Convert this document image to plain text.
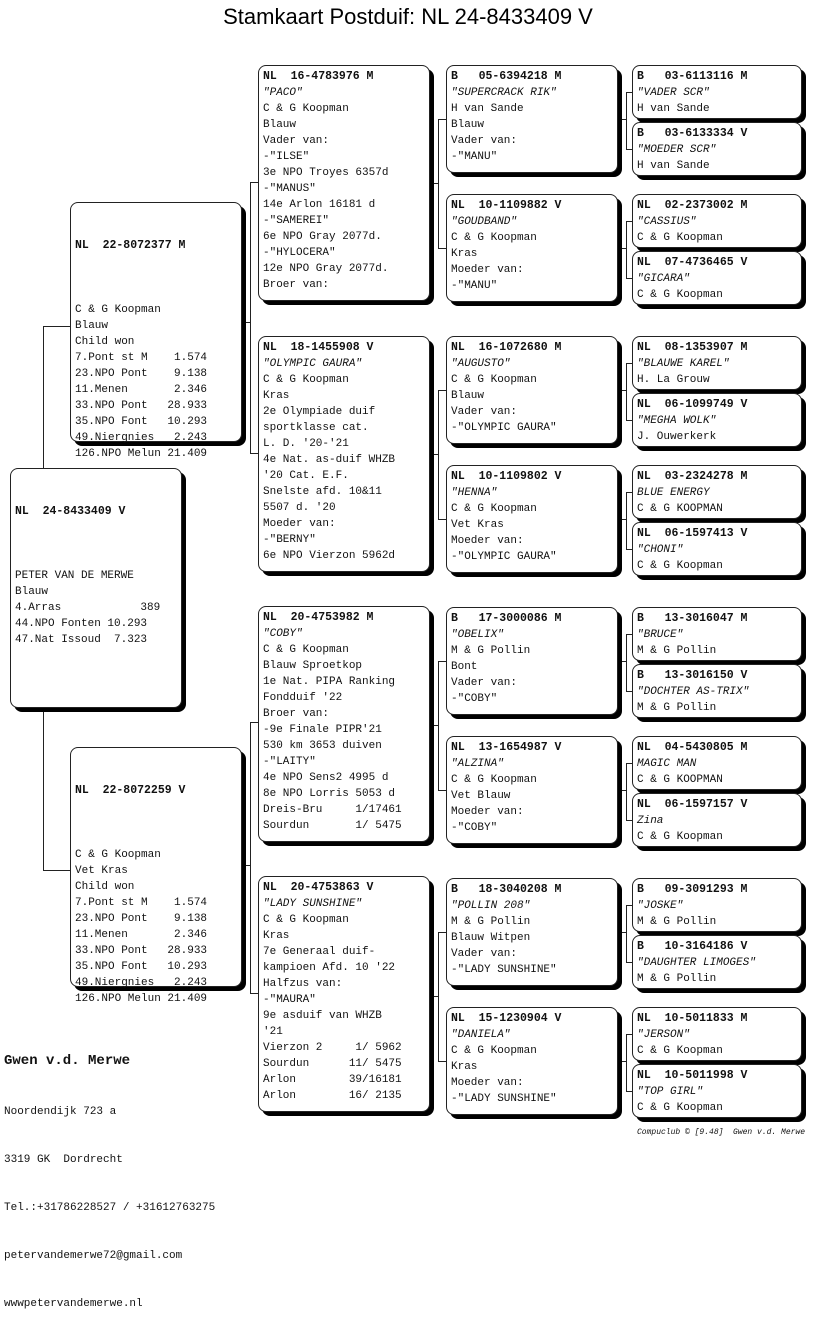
Stamkaart Postduif: NL 24-8433409 V

NL  24-8433409 V

PETER VAN DE MERWE
Blauw
4.Arras            389
44.NPO Fonten 10.293
47.Nat Issoud  7.323

NL  22-8072377 M

C & G Koopman
Blauw
Child won
7.Pont st M    1.574
23.NPO Pont    9.138
11.Menen       2.346
33.NPO Pont   28.933
35.NPO Font   10.293
49.Niergnies   2.243
126.NPO Melun 21.409

NL  22-8072259 V

C & G Koopman
Vet Kras
Child won
7.Pont st M    1.574
23.NPO Pont    9.138
11.Menen       2.346
33.NPO Pont   28.933
35.NPO Font   10.293
49.Niergnies   2.243
126.NPO Melun 21.409

NL  16-4783976 M
"PACO"
C & G Koopman
Blauw
Vader van:
-"ILSE"
3e NPO Troyes 6357d
-"MANUS"
14e Arlon 16181 d
-"SAMEREI"
6e NPO Gray 2077d.
-"HYLOCERA"
12e NPO Gray 2077d.
Broer van:
NL  18-1455908 V
"OLYMPIC GAURA"
C & G Koopman
Kras
2e Olympiade duif
sportklasse cat.
L. D. '20-'21
4e Nat. as-duif WHZB
'20 Cat. E.F.
Snelste afd. 10&11
5507 d. '20
Moeder van:
-"BERNY"
6e NPO Vierzon 5962d
NL  20-4753982 M
"COBY"
C & G Koopman
Blauw Sproetkop
1e Nat. PIPA Ranking
Fondduif '22
Broer van:
-9e Finale PIPR'21
530 km 3653 duiven
-"LAITY"
4e NPO Sens2 4995 d
8e NPO Lorris 5053 d
Dreis-Bru     1/17461
Sourdun       1/ 5475
NL  20-4753863 V
"LADY SUNSHINE"
C & G Koopman
Kras
7e Generaal duif-
kampioen Afd. 10 '22
Halfzus van:
-"MAURA"
9e asduif van WHZB
'21
Vierzon 2     1/ 5962
Sourdun      11/ 5475
Arlon        39/16181
Arlon        16/ 2135
B   05-6394218 M
"SUPERCRACK RIK"
H van Sande
Blauw
Vader van:
-"MANU"
NL  10-1109882 V
"GOUDBAND"
C & G Koopman
Kras
Moeder van:
-"MANU"
NL  16-1072680 M
"AUGUSTO"
C & G Koopman
Blauw
Vader van:
-"OLYMPIC GAURA"
NL  10-1109802 V
"HENNA"
C & G Koopman
Vet Kras
Moeder van:
-"OLYMPIC GAURA"
B   17-3000086 M
"OBELIX"
M & G Pollin
Bont
Vader van:
-"COBY"
NL  13-1654987 V
"ALZINA"
C & G Koopman
Vet Blauw
Moeder van:
-"COBY"
B   18-3040208 M
"POLLIN 208"
M & G Pollin
Blauw Witpen
Vader van:
-"LADY SUNSHINE"
NL  15-1230904 V
"DANIELA"
C & G Koopman
Kras
Moeder van:
-"LADY SUNSHINE"
B   03-6113116 M
"VADER SCR"
H van Sande
B   03-6133334 V
"MOEDER SCR"
H van Sande
NL  02-2373002 M
"CASSIUS"
C & G Koopman
NL  07-4736465 V
"GICARA"
C & G Koopman
NL  08-1353907 M
"BLAUWE KAREL"
H. La Grouw
NL  06-1099749 V
"MEGHA WOLK"
J. Ouwerkerk
NL  03-2324278 M
BLUE ENERGY
C & G KOOPMAN
NL  06-1597413 V
"CHONI"
C & G Koopman
B   13-3016047 M
"BRUCE"
M & G Pollin
B   13-3016150 V
"DOCHTER AS-TRIX"
M & G Pollin
NL  04-5430805 M
MAGIC MAN
C & G KOOPMAN
NL  06-1597157 V
Zina
C & G Koopman
B   09-3091293 M
"JOSKE"
M & G Pollin
B   10-3164186 V
"DAUGHTER LIMOGES"
M & G Pollin
NL  10-5011833 M
"JERSON"
C & G Koopman
NL  10-5011998 V
"TOP GIRL"
C & G Koopman

Gwen v.d. Merwe

Noordendijk 723 a

3319 GK  Dordrecht

Tel.:+31786228527 / +31612763275

petervandemerwe72@gmail.com

wwwpetervandemerwe.nl

Compuclub © [9.48]  Gwen v.d. Merwe
